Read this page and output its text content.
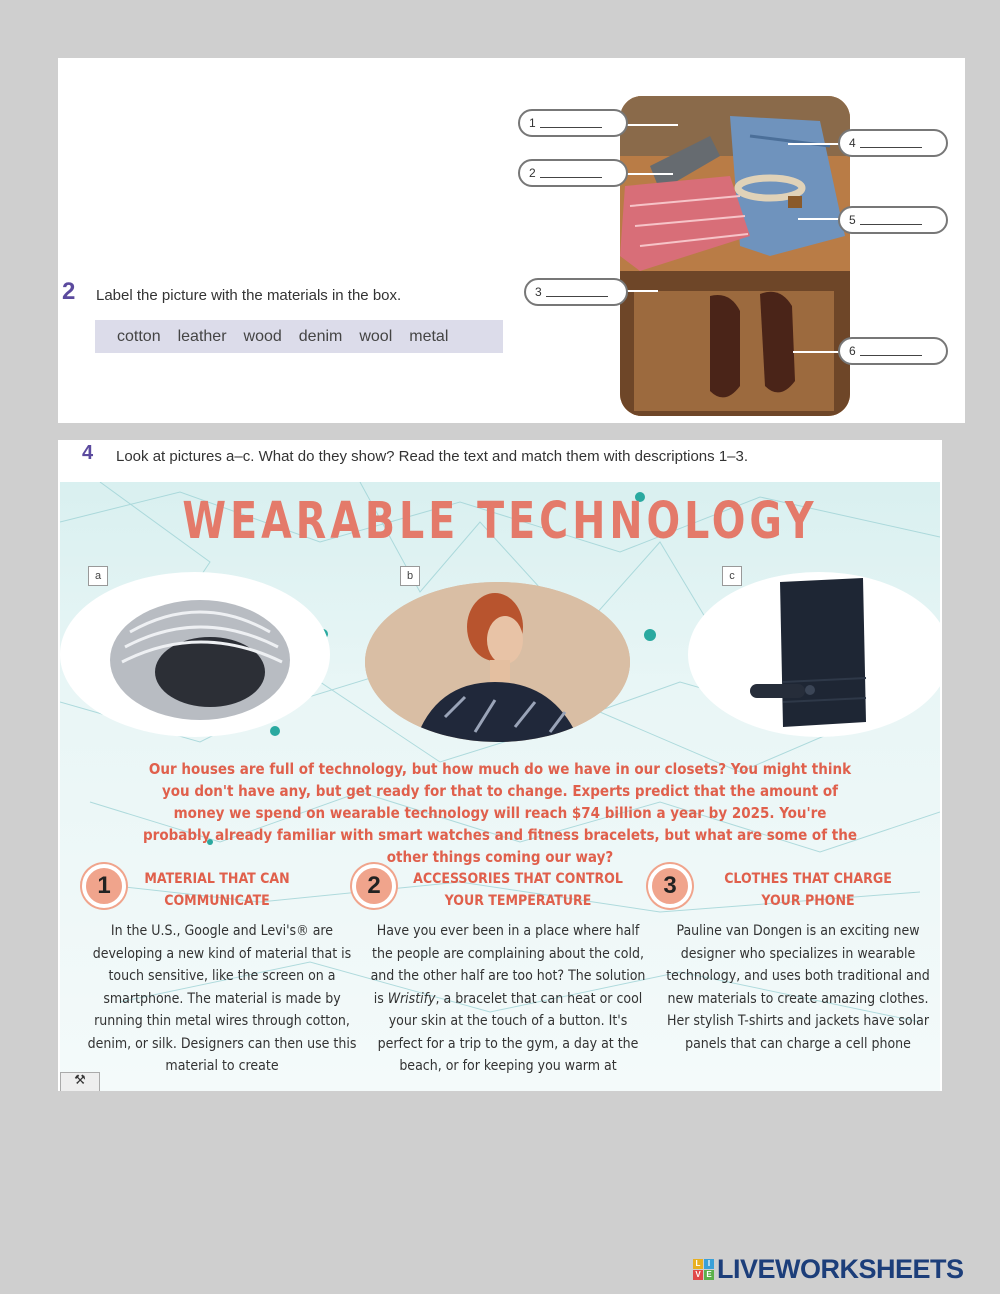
2 Label the picture with the materials in the box.
cotton leather wood denim wool metal
1
2
3
4
5
6
4 Look at pictures a–c. What do they show? Read the text and match them with descriptions 1–3.
WEARABLE TECHNOLOGY
a	b	c
Our houses are full of technology, but how much do we have in our closets? You might think you don't have any, but get ready for that to change. Experts predict that the amount of money we spend on wearable technology will reach $74 billion a year by 2025. You're probably already familiar with smart watches and fitness bracelets, but what are some of the other things coming our way?
1	MATERIAL THAT CAN COMMUNICATE
In the U.S., Google and Levi's® are developing a new kind of material that is touch sensitive, like the screen on a smartphone. The material is made by running thin metal wires through cotton, denim, or silk. Designers can then use this material to create
2	ACCESSORIES THAT CONTROL YOUR TEMPERATURE
Have you ever been in a place where half the people are complaining about the cold, and the other half are too hot? The solution is Wristify, a bracelet that can heat or cool your skin at the touch of a button. It's perfect for a trip to the gym, a day at the beach, or for keeping you warm at
3	CLOTHES THAT CHARGE YOUR PHONE
Pauline van Dongen is an exciting new designer who specializes in wearable technology, and uses both traditional and new materials to create amazing clothes. Her stylish T-shirts and jackets have solar panels that can charge a cell phone
⚒
L I
V E LIVEWORKSHEETS
